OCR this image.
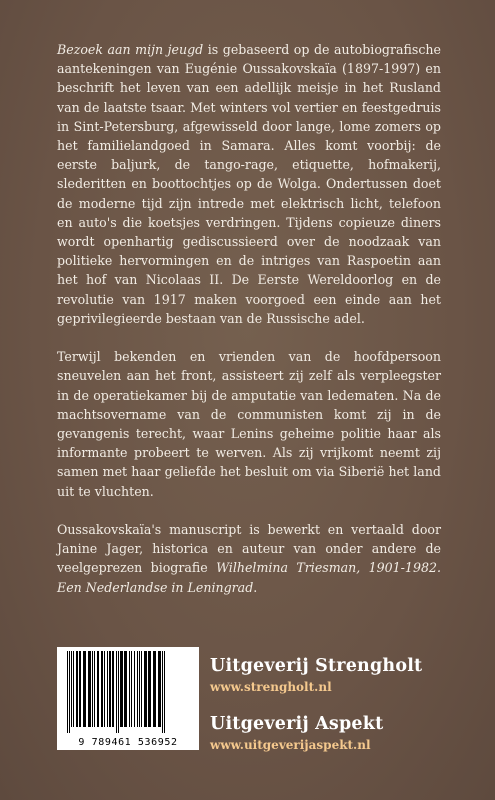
Bezoek aan mijn jeugd is gebaseerd op de autobiografische aantekeningen van Eugénie Oussakovskaïa (1897-1997) en beschrift het leven van een adellijk meisje in het Rusland van de laatste tsaar. Met winters vol vertier en feestgedruis in Sint-Petersburg, afgewisseld door lange, lome zomers op het familielandgoed in Samara. Alles komt voorbij: de eerste baljurk, de tango-rage, etiquette, hofmakerij, slederitten en boottochtjes op de Wolga. Ondertussen doet de moderne tijd zijn intrede met elektrisch licht, telefoon en auto's die koetsjes verdringen. Tijdens copieuze diners wordt openhartig gediscussieerd over de noodzaak van politieke hervormingen en de intriges van Raspoetin aan het hof van Nicolaas II. De Eerste Wereldoorlog en de revolutie van 1917 maken voorgoed een einde aan het geprivilegieerde bestaan van de Russische adel.

Terwijl bekenden en vrienden van de hoofdpersoon sneuvelen aan het front, assisteert zij zelf als verpleegster in de operatiekamer bij de amputatie van ledematen. Na de machtsovername van de communisten komt zij in de gevangenis terecht, waar Lenins geheime politie haar als informante probeert te werven. Als zij vrijkomt neemt zij samen met haar geliefde het besluit om via Siberië het land uit te vluchten.

Oussakovskaïa's manuscript is bewerkt en vertaald door Janine Jager, historica en auteur van onder andere de veelgeprezen biografie Wilhelmina Triesman, 1901-1982. Een Nederlandse in Leningrad.

9 789461 536952
Uitgeverij Strengholt
www.strengholt.nl
Uitgeverij Aspekt
www.uitgeverijaspekt.nl
